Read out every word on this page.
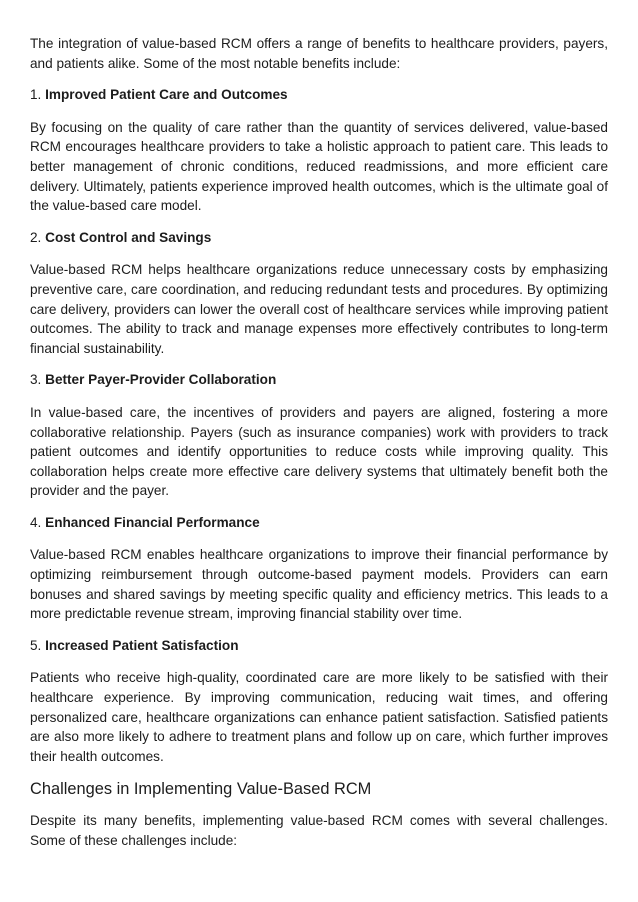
The integration of value-based RCM offers a range of benefits to healthcare providers, payers, and patients alike. Some of the most notable benefits include:

1. Improved Patient Care and Outcomes

By focusing on the quality of care rather than the quantity of services delivered, value-based RCM encourages healthcare providers to take a holistic approach to patient care. This leads to better management of chronic conditions, reduced readmissions, and more efficient care delivery. Ultimately, patients experience improved health outcomes, which is the ultimate goal of the value-based care model.

2. Cost Control and Savings

Value-based RCM helps healthcare organizations reduce unnecessary costs by emphasizing preventive care, care coordination, and reducing redundant tests and procedures. By optimizing care delivery, providers can lower the overall cost of healthcare services while improving patient outcomes. The ability to track and manage expenses more effectively contributes to long-term financial sustainability.

3. Better Payer-Provider Collaboration

In value-based care, the incentives of providers and payers are aligned, fostering a more collaborative relationship. Payers (such as insurance companies) work with providers to track patient outcomes and identify opportunities to reduce costs while improving quality. This collaboration helps create more effective care delivery systems that ultimately benefit both the provider and the payer.

4. Enhanced Financial Performance

Value-based RCM enables healthcare organizations to improve their financial performance by optimizing reimbursement through outcome-based payment models. Providers can earn bonuses and shared savings by meeting specific quality and efficiency metrics. This leads to a more predictable revenue stream, improving financial stability over time.

5. Increased Patient Satisfaction

Patients who receive high-quality, coordinated care are more likely to be satisfied with their healthcare experience. By improving communication, reducing wait times, and offering personalized care, healthcare organizations can enhance patient satisfaction. Satisfied patients are also more likely to adhere to treatment plans and follow up on care, which further improves their health outcomes.

Challenges in Implementing Value-Based RCM

Despite its many benefits, implementing value-based RCM comes with several challenges. Some of these challenges include:
